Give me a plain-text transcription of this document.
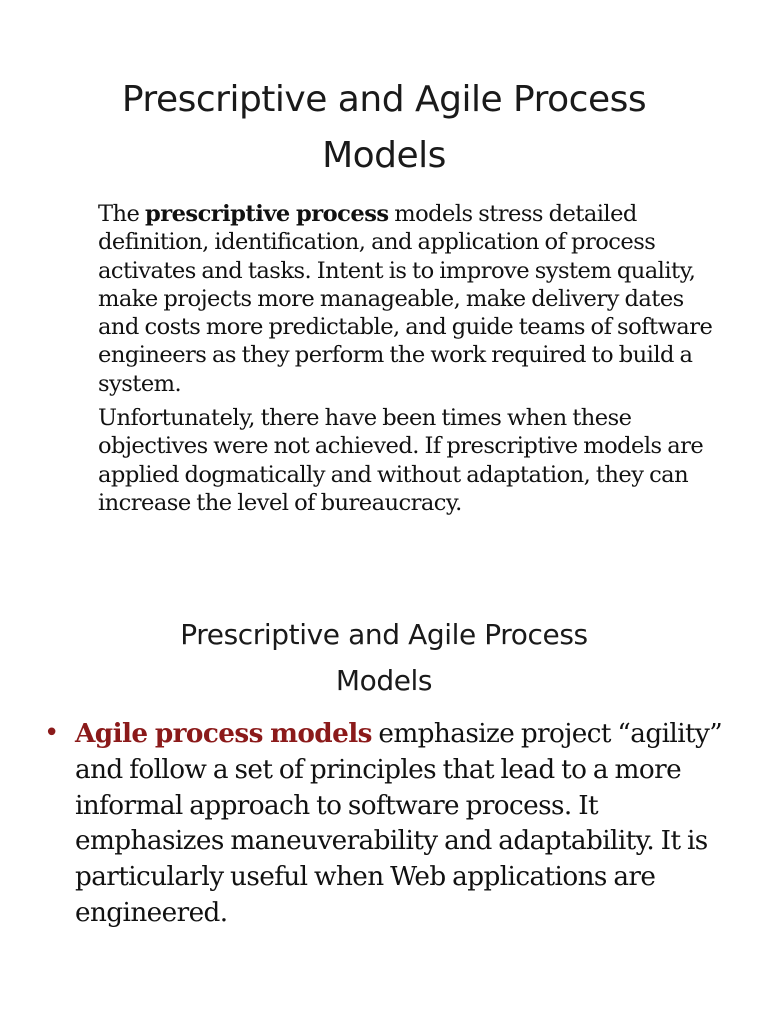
Prescriptive and Agile Process
Models

The prescriptive process models stress detailed definition, identification, and application of process activates and tasks. Intent is to improve system quality, make projects more manageable, make delivery dates and costs more predictable, and guide teams of software engineers as they perform the work required to build a system.

Unfortunately, there have been times when these objectives were not achieved. If prescriptive models are applied dogmatically and without adaptation, they can increase the level of bureaucracy.

Prescriptive and Agile Process
Models
• Agile process models emphasize project “agility” and follow a set of principles that lead to a more informal approach to software process. It emphasizes maneuverability and adaptability. It is particularly useful when Web applications are engineered.
